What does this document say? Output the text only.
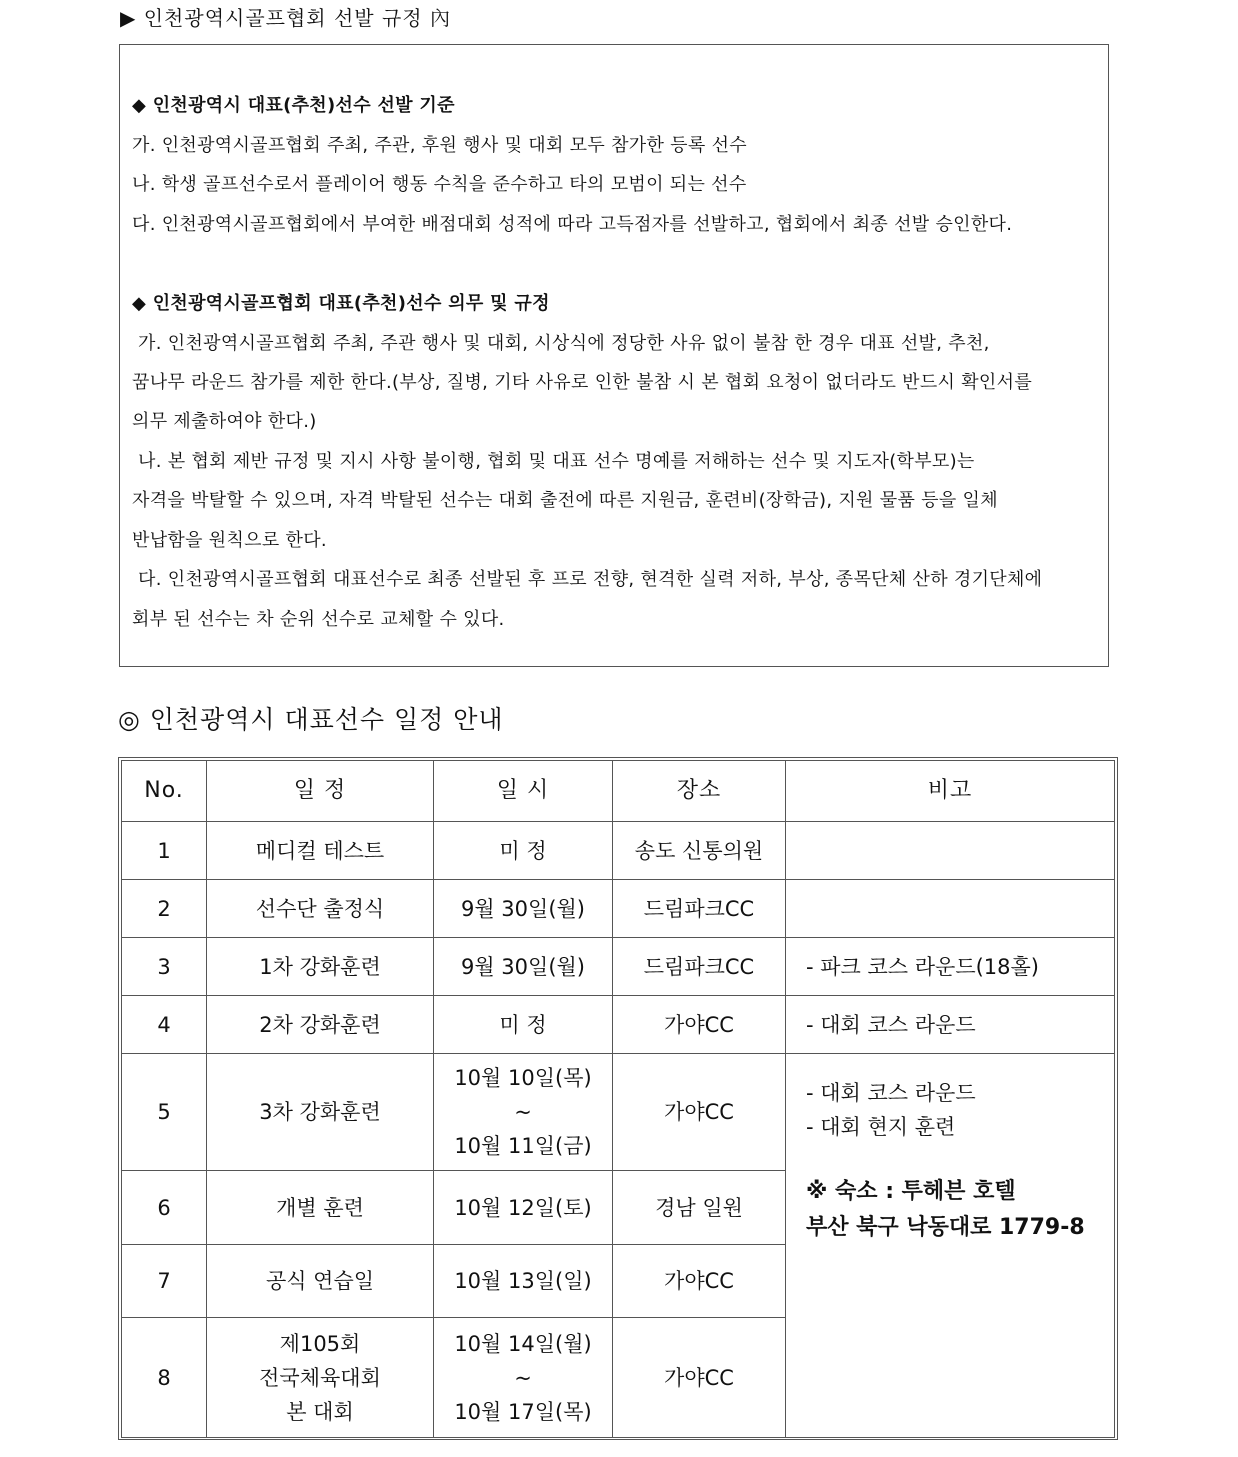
▶ 인천광역시골프협회 선발 규정 內
◆ 인천광역시 대표(추천)선수 선발 기준
가. 인천광역시골프협회 주최, 주관, 후원 행사 및 대회 모두 참가한 등록 선수
나. 학생 골프선수로서 플레이어 행동 수칙을 준수하고 타의 모범이 되는 선수
다. 인천광역시골프협회에서 부여한 배점대회 성적에 따라 고득점자를 선발하고, 협회에서 최종 선발 승인한다.
◆ 인천광역시골프협회 대표(추천)선수 의무 및 규정
가. 인천광역시골프협회 주최, 주관 행사 및 대회, 시상식에 정당한 사유 없이 불참 한 경우 대표 선발, 추천,
꿈나무 라운드 참가를 제한 한다.(부상, 질병, 기타 사유로 인한 불참 시 본 협회 요청이 없더라도 반드시 확인서를
의무 제출하여야 한다.)
나. 본 협회 제반 규정 및 지시 사항 불이행, 협회 및 대표 선수 명예를 저해하는 선수 및 지도자(학부모)는
자격을 박탈할 수 있으며, 자격 박탈된 선수는 대회 출전에 따른 지원금, 훈련비(장학금), 지원 물품 등을 일체
반납함을 원칙으로 한다.
다. 인천광역시골프협회 대표선수로 최종 선발된 후 프로 전향, 현격한 실력 저하, 부상, 종목단체 산하 경기단체에
회부 된 선수는 차 순위 선수로 교체할 수 있다.
◎ 인천광역시 대표선수 일정 안내
No.	일 정	일 시	장소	비고
1	메디컬 테스트	미 정	송도 신통의원	
2	선수단 출정식	9월 30일(월)	드림파크CC	
3	1차 강화훈련	9월 30일(월)	드림파크CC	- 파크 코스 라운드(18홀)
4	2차 강화훈련	미 정	가야CC	- 대회 코스 라운드
5	3차 강화훈련	10월 10일(목)
~
10월 11일(금)	가야CC	- 대회 코스 라운드
- 대회 현지 훈련
※ 숙소 : 투헤븐 호텔
부산 북구 낙동대로 1779-8

6	개별 훈련	10월 12일(토)	경남 일원	
7	공식 연습일	10월 13일(일)	가야CC	
8	제105회
전국체육대회
본 대회	10월 14일(월)
~
10월 17일(목)	가야CC	
